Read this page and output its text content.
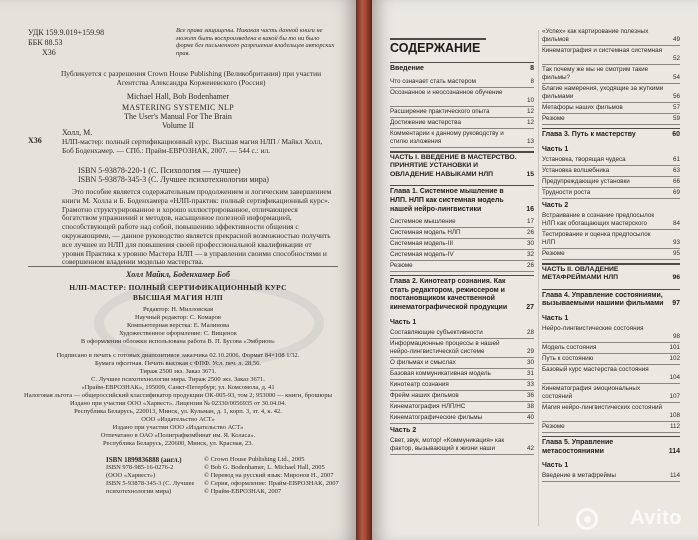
УДК 159.9.019+159.98
ББК 88.53
Х36
Все права защищены. Никакая часть данной книги не может быть воспроизведена в какой бы то ни было форме без письменного разрешения владельцев авторских прав.
Публикуется с разрешения Crown House Publishing (Великобритания) при участии Агентства Александра Корженевского (Россия)
Michael Hall, Bob Bodenhamer
MASTERING SYSTEMIC NLP
The User's Manual For The Brain
Volume II
Х36
Холл, М.
НЛП-мастер: полный сертификационный курс. Высшая магия НЛП / Майкл Холл, Боб Боденхамер. — СПб.: Прайм-ЕВРОЗНАК, 2007. — 544 с.: ил.
ISBN 5-93878-220-1 (С. Психология — лучшее)
ISBN 5-93878-345-3 (С. Лучшее психотехнологии мира)
Это пособие является содержательным продолжением и логическим завершением книги М. Холла и Б. Боденхамера «НЛП-практик: полный сертификационный курс». Грамотно структурированное и хорошо иллюстрированное, отличающееся богатством упражнений и методов, насыщенное полезной информацией, способствующей работе над собой, повышению эффективности общения с окружающими, — данное руководство является прекрасной возможностью получить все лучшее из НЛП для повышения своей профессиональной квалификации от уровня Практика к уровню Мастера НЛП — в управлении своими способностями и совершенном владении моделью мастерства.
Холл Майкл, Боденхамер Боб
НЛП-МАСТЕР: ПОЛНЫЙ СЕРТИФИКАЦИОННЫЙ КУРС
ВЫСШАЯ МАГИЯ НЛП
Редактор: Н. Милловская
Научный редактор: С. Комаров
Компьютерная верстка: Е. Малинова
Художественное оформление: С. Вищенок
В оформлении обложки использована работа В. П. Бусова «Эмбрион»
Подписано в печать с готовых диапозитивов заказчика 02.10.2006. Формат 84×108 1/32.
Бумага офсетная. Печать высокая с ФПФ. Усл. печ. л. 28,56.
Тираж 2500 экз. Заказ 3671.
С. Лучшее психотехнологии мира. Тираж 2500 экз. Заказ 3671.
«Прайм-ЕВРОЗНАК», 195009, Санкт-Петербург, ул. Комсомола, д. 41
Налоговая льгота — общероссийский классификатор продукции ОК-005-93, том 2; 953000 — книги, брошюры
Издано при участии ООО «Харвест». Лицензия № 02330/0056935 от 30.04.04.
Республика Беларусь, 220013, Минск, ул. Кульман, д. 1, корп. 3, эт. 4, к. 42.
ООО «Издательство АСТ»
Издано при участии ООО «Издательство АСТ»
Отпечатано в ОАО «Полиграфкомбинат им. Я. Коласа».
Республика Беларусь, 220600, Минск, ул. Красная, 23.
ISBN 1899836888 (англ.)
ISBN 978-985-16-0276-2
(ООО «Харвест»)
ISBN 5-93878-345-3 (С. Лучшее
психотехнологии мира)
© Crown House Publishing Ltd., 2005
© Bob G. Bodenhamer, L. Michael Hall, 2005
© Перевод на русский язык: Миронов Н., 2007
© Серия, оформление: Прайм-ЕВРОЗНАК, 2007
© Прайм-ЕВРОЗНАК, 2007
СОДЕРЖАНИЕ
Введение	8
Что означает стать мастером	8
Осознанное и неосознанное обучение
10
Расширение практического опыта	12
Достижение мастерства	12
Комментарии к данному руководству и стилю изложения	13
ЧАСТЬ I. ВВЕДЕНИЕ В МАСТЕРСТВО. ПРИНЯТИЕ УСТАНОВКИ И ОВЛАДЕНИЕ НАВЫКАМИ НЛП	15
Глава 1. Системное мышление в НЛП. НЛП как системная модель нашей нейро-лингвистики	16
Системное мышление	17
Системная модель НЛП	26
Системная модель-III	30
Системная модель-IV	32
Резюме	26
Глава 2. Кинотеатр сознания. Как стать редактором, режиссером и постановщиком качественной кинематографической продукции	27
Часть 1
Составляющие субъективности	28
Информационные процессы в нашей нейро-лингвистической системе	29
О фильмах и смыслах	30
Базовая коммуникативная модель	31
Кинотеатр сознания	33
Фрейм наших фильмов	36
Кинематография НЛП/НС	38
Кинематографические фильмы	40
Часть 2
Свет, звук, мотор! «Коммуникация» как фактор, вызывающий к жизни наши	42
«Успех» как картирование полезных фильмов	49
Кинематография и системная системная
52
Так почему же мы не смотрим такие фильмы?	54
Благие намерения, уходящие за жуткими фильмами	56
Метафоры наших фильмов	57
Резюме	59
Глава 3. Путь к мастерству	60
Часть 1
Установка, творящая чудеса	61
Установка волшебника	63
Предупреждающие установки	66
Трудности роста	69
Часть 2
Встраивание в сознание предпосылок НЛП как обогащающих мастерского	84
Тестирование и оценка предпосылок НЛП	93
Резюме	95
ЧАСТЬ II. ОВЛАДЕНИЕ МЕТАФРЕЙМАМИ НЛП	96
Глава 4. Управление состояниями, вызываемыми нашими фильмами 97
Часть 1
Нейро-лингвистические состояния
98
Модель состояния	101
Путь к состоянию	102
Базовый курс мастерства состояния
104
Кинематография эмоциональных состояний	107
Магия нейро-лингвистических состояний
108
Резюме	112
Глава 5. Управление метасостояниями	114
Часть 1
Введение в метафреймы	114
Avito
